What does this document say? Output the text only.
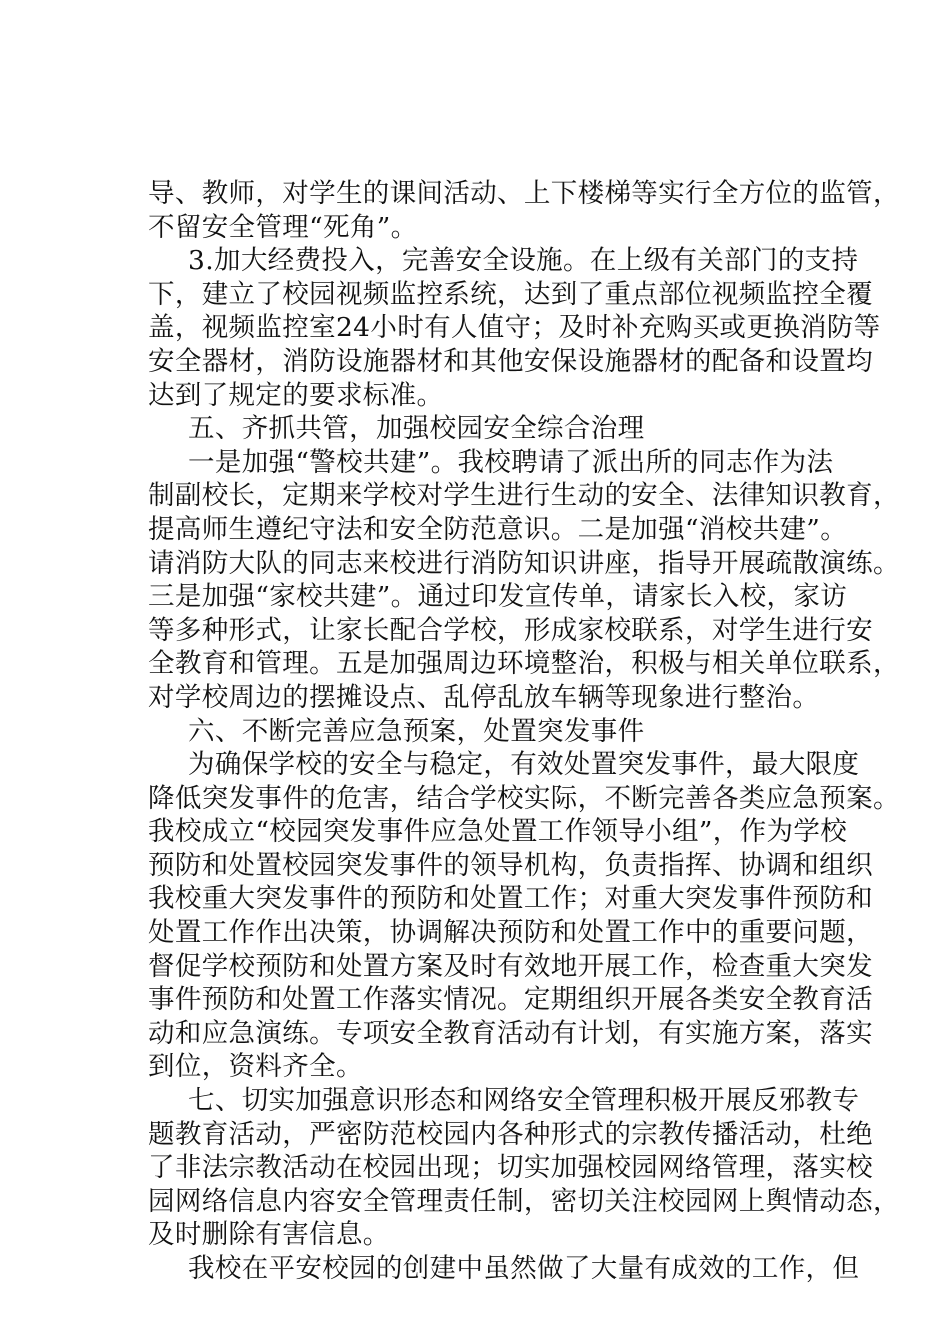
导、教师，对学生的课间活动、上下楼梯等实行全方位的监管，
不留安全管理“死角”。
3.加大经费投入，完善安全设施。在上级有关部门的支持
下，建立了校园视频监控系统，达到了重点部位视频监控全覆
盖，视频监控室24小时有人值守；及时补充购买或更换消防等
安全器材，消防设施器材和其他安保设施器材的配备和设置均
达到了规定的要求标准。
五、齐抓共管，加强校园安全综合治理
一是加强“警校共建”。我校聘请了派出所的同志作为法
制副校长，定期来学校对学生进行生动的安全、法律知识教育，
提高师生遵纪守法和安全防范意识。二是加强“消校共建”。
请消防大队的同志来校进行消防知识讲座，指导开展疏散演练。
三是加强“家校共建”。通过印发宣传单，请家长入校，家访
等多种形式，让家长配合学校，形成家校联系，对学生进行安
全教育和管理。五是加强周边环境整治，积极与相关单位联系，
对学校周边的摆摊设点、乱停乱放车辆等现象进行整治。
六、不断完善应急预案，处置突发事件
为确保学校的安全与稳定，有效处置突发事件，最大限度
降低突发事件的危害，结合学校实际，不断完善各类应急预案。
我校成立“校园突发事件应急处置工作领导小组”，作为学校
预防和处置校园突发事件的领导机构，负责指挥、协调和组织
我校重大突发事件的预防和处置工作；对重大突发事件预防和
处置工作作出决策，协调解决预防和处置工作中的重要问题，
督促学校预防和处置方案及时有效地开展工作，检查重大突发
事件预防和处置工作落实情况。定期组织开展各类安全教育活
动和应急演练。专项安全教育活动有计划，有实施方案，落实
到位，资料齐全。
七、切实加强意识形态和网络安全管理积极开展反邪教专
题教育活动，严密防范校园内各种形式的宗教传播活动，杜绝
了非法宗教活动在校园出现；切实加强校园网络管理，落实校
园网络信息内容安全管理责任制，密切关注校园网上舆情动态，
及时删除有害信息。
我校在平安校园的创建中虽然做了大量有成效的工作，但
